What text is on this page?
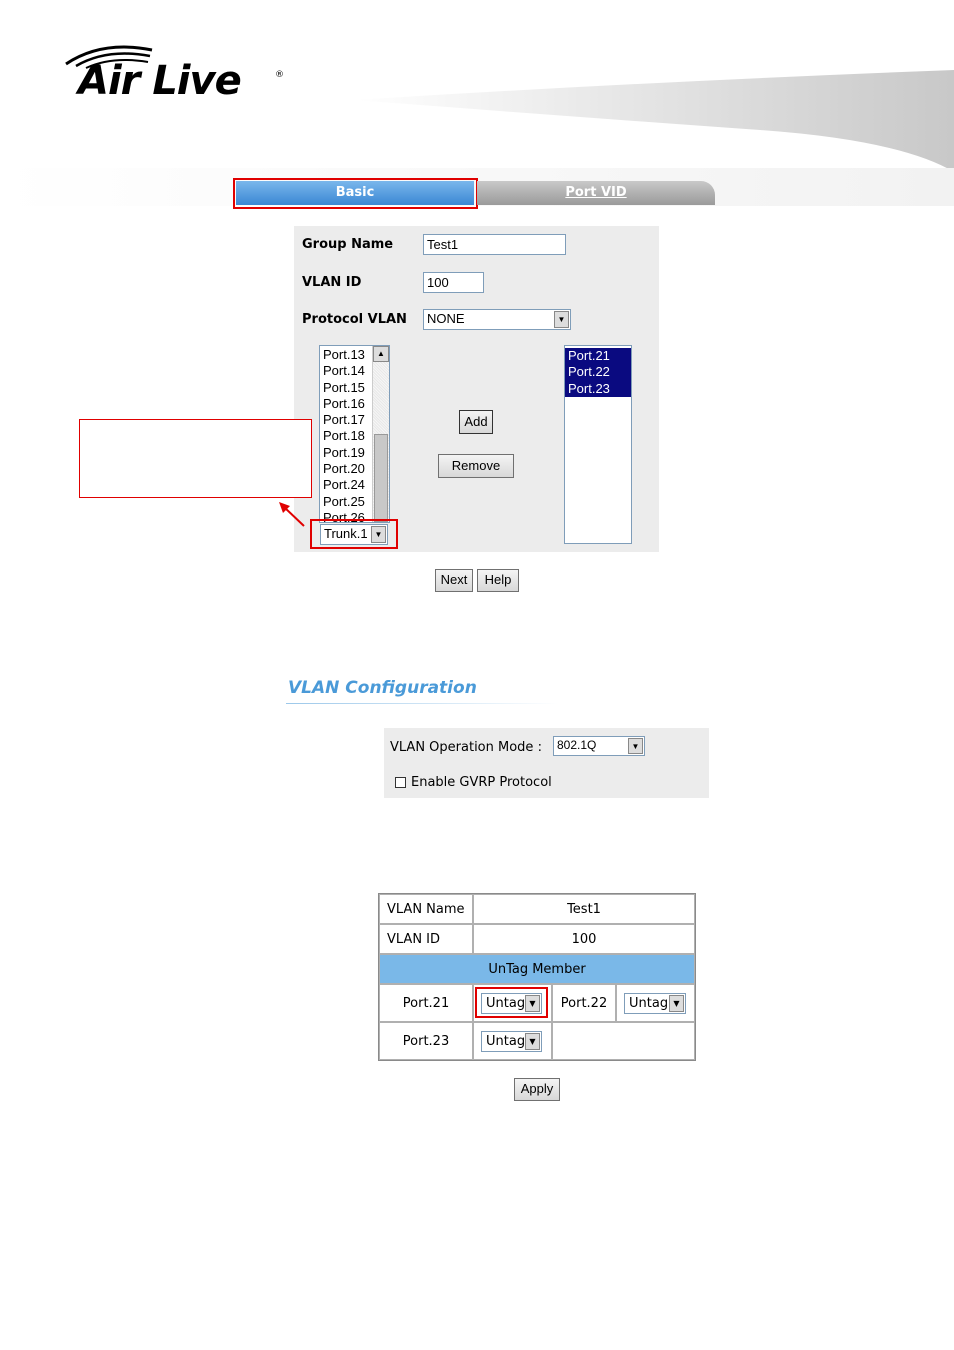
Air Live	®
Basic	Port VID
Group Name	Test1
VLAN ID	100
Protocol VLAN	NONE	▼
Port.13
Port.14
Port.15
Port.16
Port.17
Port.18
Port.19
Port.20
Port.24
Port.25
Port.26
▲
Trunk.1 ▼
Port.21
Port.22
Port.23
Add
Remove
Next	Help
VLAN Configuration
VLAN Operation Mode :	802.1Q	▼
Enable GVRP Protocol
VLAN Name	Test1
VLAN ID	100
UnTag Member
Port.21	Untag ▼	Port.22	Untag ▼
Port.23	Untag ▼
Apply
